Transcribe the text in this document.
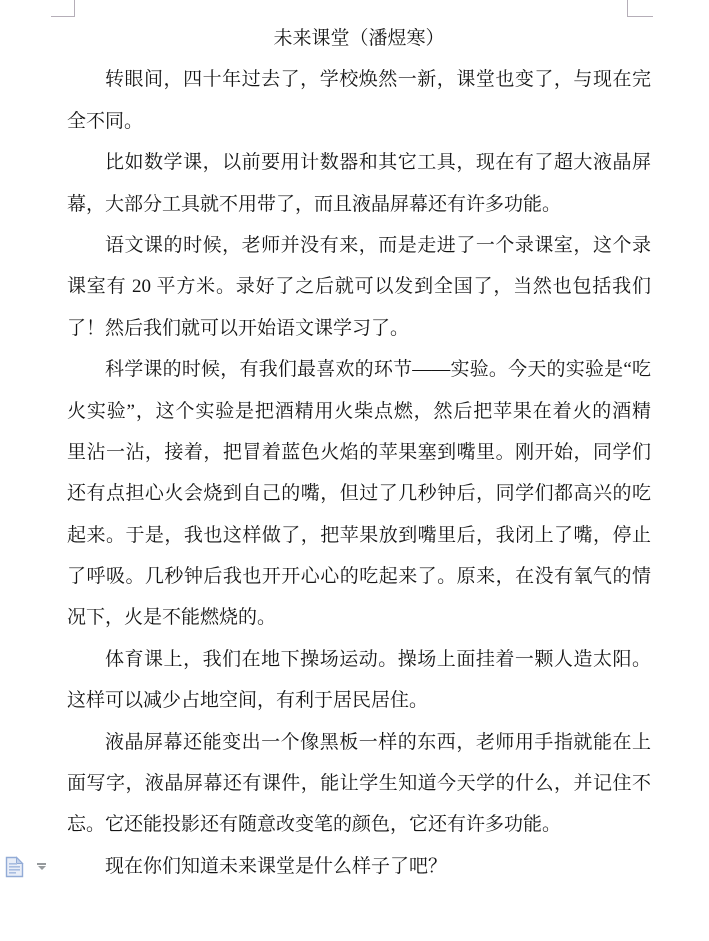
未来课堂（潘煜寒）
转眼间，四十年过去了，学校焕然一新，课堂也变了，与现在完
全不同。
比如数学课，以前要用计数器和其它工具，现在有了超大液晶屏
幕，大部分工具就不用带了，而且液晶屏幕还有许多功能。
语文课的时候，老师并没有来，而是走进了一个录课室，这个录
课室有 20 平方米。录好了之后就可以发到全国了，当然也包括我们
了！然后我们就可以开始语文课学习了。
科学课的时候，有我们最喜欢的环节——实验。今天的实验是“吃
火实验”，这个实验是把酒精用火柴点燃，然后把苹果在着火的酒精
里沾一沾，接着，把冒着蓝色火焰的苹果塞到嘴里。刚开始，同学们
还有点担心火会烧到自己的嘴，但过了几秒钟后，同学们都高兴的吃
起来。于是，我也这样做了，把苹果放到嘴里后，我闭上了嘴，停止
了呼吸。几秒钟后我也开开心心的吃起来了。原来，在没有氧气的情
况下，火是不能燃烧的。
体育课上，我们在地下操场运动。操场上面挂着一颗人造太阳。
这样可以减少占地空间，有利于居民居住。
液晶屏幕还能变出一个像黑板一样的东西，老师用手指就能在上
面写字，液晶屏幕还有课件，能让学生知道今天学的什么，并记住不
忘。它还能投影还有随意改变笔的颜色，它还有许多功能。
现在你们知道未来课堂是什么样子了吧？
